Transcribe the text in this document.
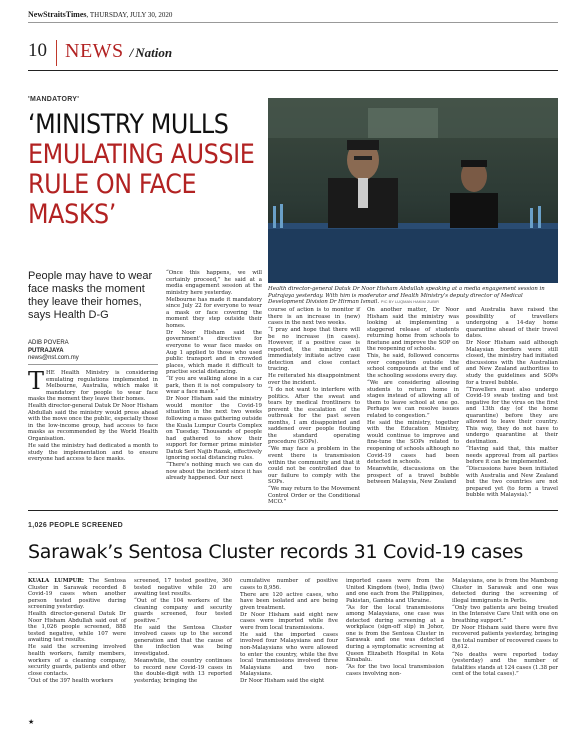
NewStraitsTimes, THURSDAY, JULY 30, 2020
10 NEWS / Nation
'MANDATORY'
‘MINISTRY MULLS
EMULATING AUSSIE RULE ON FACE MASKS’
People may have to wear face masks the moment they leave their homes, says Health D-G
ADIB POVERA
PUTRAJAYA
news@nst.com.my
Health director-general Datuk Dr Noor Hisham Abdullah speaking at a media engagement session in Putrajaya yesterday. With him is moderator and Health Ministry’s deputy director of Medical Development Division Dr Hirman Ismail. PIC BY LUQMAN HAKIM ZUBIR

THE Health Ministry is considering emulating regulations implemented in Melbourne, Australia, which make it mandatory for people to wear face masks the moment they leave their homes.

Health director-general Datuk Dr Noor Hisham Abdullah said the ministry would press ahead with the move once the public, especially those in the low-income group, had access to face masks as recommended by the World Health Organisation.

He said the ministry had dedicated a month to study the implementation and to ensure everyone had access to face masks.

“Once this happens, we will certainly proceed,” he said at a media engagement session at the ministry here yesterday.

Melbourne has made it mandatory since July 22 for everyone to wear a mask or face covering the moment they step outside their homes.

Dr Noor Hisham said the government’s directive for everyone to wear face masks on Aug 1 applied to those who used public transport and in crowded places, which made it difficult to practise social distancing.

“If you are walking alone in a car park, then it is not compulsory to wear a face mask.”

Dr Noor Hisham said the ministry would monitor the Covid-19 situation in the next two weeks following a mass gathering outside the Kuala Lumpur Courts Complex on Tuesday. Thousands of people had gathered to show their support for former prime minister Datuk Seri Najib Razak, effectively ignoring social distancing rules.

“There’s nothing much we can do now about the incident since it has already happened. Our next

course of action is to monitor if there is an increase in (new) cases in the next two weeks.

“I pray and hope that there will be no increase (in cases). However, if a positive case is reported, the ministry will immediately initiate active case detection and close contact tracing.

He reiterated his disappointment over the incident.

“I do not want to interfere with politics. After the sweat and tears by medical frontliners to prevent the escalation of the outbreak for the past seven months, I am disappointed and saddened over people flouting the standard operating procedure (SOPs).

“We may face a problem in the event there is transmission within the community and that it could not be controlled due to our failure to comply with the SOPs.

“We may return to the Movement Control Order or the Conditional MCO.”

On another matter, Dr Noor Hisham said the ministry was looking at implementing a staggered release of students returning home from schools to finetune and improve the SOP on the reopening of schools.

This, he said, followed concerns over congestion outside the school compounds at the end of the schooling sessions every day.

“We are considering allowing students to return home in stages instead of allowing all of them to leave school at one go. Perhaps we can resolve issues related to congestion.”

He said the ministry, together with the Education Ministry, would continue to improve and fine-tune the SOPs related to reopening of schools although no Covid-19 cases had been detected in schools.

Meanwhile, discussions on the prospect of a travel bubble between Malaysia, New Zealand

and Australia have raised the possibility of travellers undergoing a 14-day home quarantine ahead of their travel dates.

Dr Noor Hisham said although Malaysian borders were still closed, the ministry had initiated discussions with the Australian and New Zealand authorities to study the guidelines and SOPs for a travel bubble.

“Travellers must also undergo Covid-19 swab testing and test negative for the virus on the first and 13th day (of the home quarantine) before they are allowed to leave their country. This way, they do not have to undergo quarantine at their destination.

“Having said that, this matter needs approval from all parties before it can be implemented.

“Discussions have been initiated with Australia and New Zealand but the two countries are not prepared yet (to form a travel bubble with Malaysia).”

1,026 PEOPLE SCREENED
Sarawak’s Sentosa Cluster records 31 Covid-19 cases

KUALA LUMPUR: The Sentosa Cluster in Sarawak recorded 8 Covid-19 cases when another person tested positive during screening yesterday.

Health director-general Datuk Dr Noor Hisham Abdullah said out of the 1,026 people screened, 888 tested negative, while 107 were awaiting test results.

He said the screening involved health workers, family members, workers of a cleaning company, security guards, patients and other close contacts.

“Out of the 397 health workers

screened, 17 tested positive, 360 tested negative while 20 are awaiting test results.

“Out of the 104 workers of the cleaning company and security guards screened, four tested positive.”

He said the Sentosa Cluster involved cases up to the second generation and that the cause of the infection was being investigated.

Meanwhile, the country continues to record new Covid-19 cases in the double-digit with 13 reported yesterday, bringing the

cumulative number of positive cases to 8,956.

There are 120 active cases, who have been isolated and are being given treatment.

Dr Noor Hisham said eight new cases were imported while five were from local transmissions.

He said the imported cases involved four Malaysians and four non-Malaysians who were allowed to enter the country, while the five local transmissions involved three Malaysians and two non-Malaysians.

Dr Noor Hisham said the eight

imported cases were from the United Kingdom (two), India (two) and one each from the Philippines, Pakistan, Gambia and Ukraine.

“As for the local transmissions among Malaysians, one case was detected during screening at a workplace (sign-off slip) in Johor, one is from the Sentosa Cluster in Sarawak and one was detected during a symptomatic screening at Queen Elizabeth Hospital in Kota Kinabalu.

“As for the two local transmission cases involving non-

Malaysians, one is from the Mambong Cluster in Sarawak and one was detected during the screening of illegal immigrants in Perlis.

“Only two patients are being treated in the Intensive Care Unit with one on breathing support.”

Dr Noor Hisham said there were five recovered patients yesterday, bringing the total number of recovered cases to 8,612.

“No deaths were reported today (yesterday) and the number of fatalities stands at 124 cases (1.38 per cent of the total cases).”

★
